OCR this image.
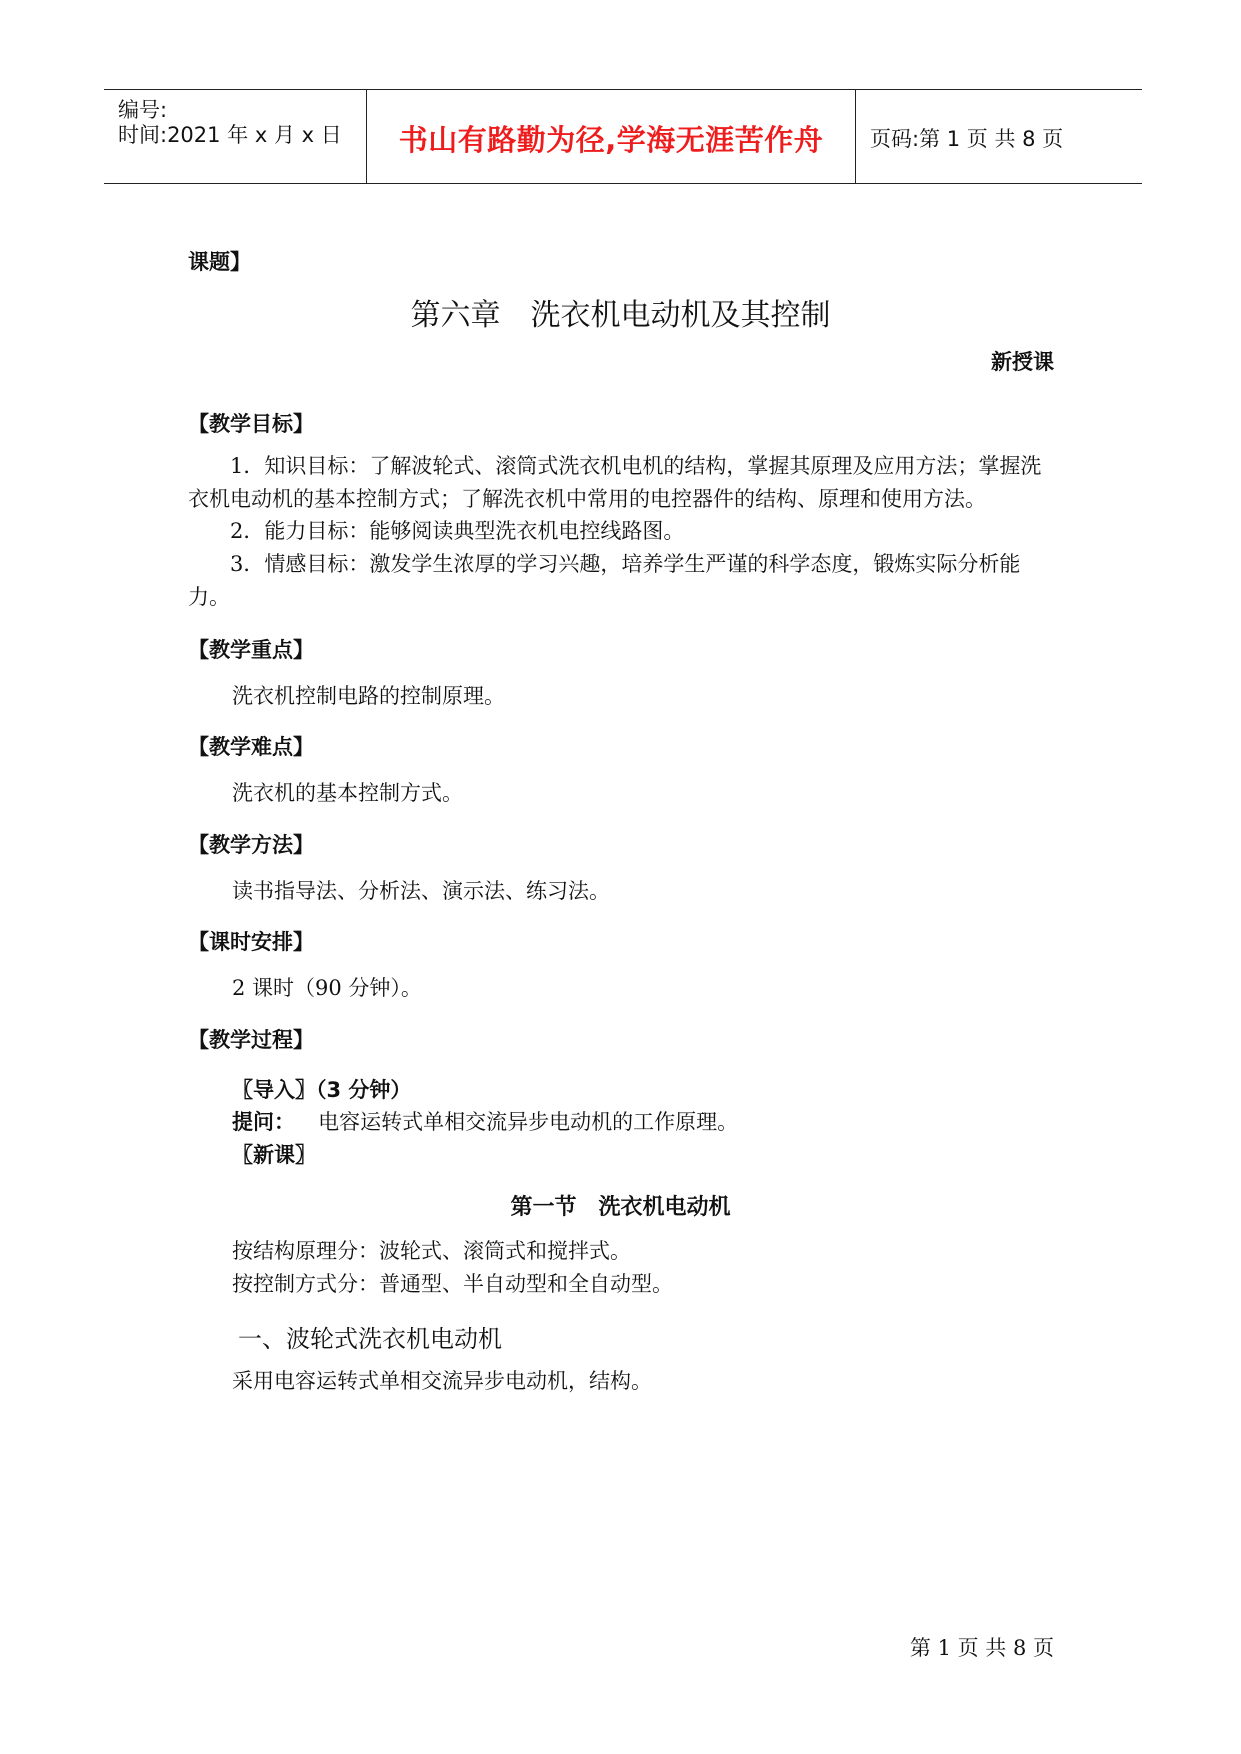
编号:
时间:2021 年 x 月 x 日	书山有路勤为径,学海无涯苦作舟	页码:第 1 页 共 8 页
课题】
第六章　洗衣机电动机及其控制
新授课
【教学目标】
1．知识目标：了解波轮式、滚筒式洗衣机电机的结构，掌握其原理及应用方法；掌握洗衣机电动机的基本控制方式；了解洗衣机中常用的电控器件的结构、原理和使用方法。
2．能力目标：能够阅读典型洗衣机电控线路图。
3．情感目标：激发学生浓厚的学习兴趣，培养学生严谨的科学态度，锻炼实际分析能力。
【教学重点】
洗衣机控制电路的控制原理。
【教学难点】
洗衣机的基本控制方式。
【教学方法】
读书指导法、分析法、演示法、练习法。
【课时安排】
2 课时（90 分钟）。
【教学过程】
〖导入〗（3 分钟）
提问： 电容运转式单相交流异步电动机的工作原理。
〖新课〗
第一节　洗衣机电动机
按结构原理分：波轮式、滚筒式和搅拌式。
按控制方式分：普通型、半自动型和全自动型。
一、波轮式洗衣机电动机
采用电容运转式单相交流异步电动机，结构。
第 1 页 共 8 页
